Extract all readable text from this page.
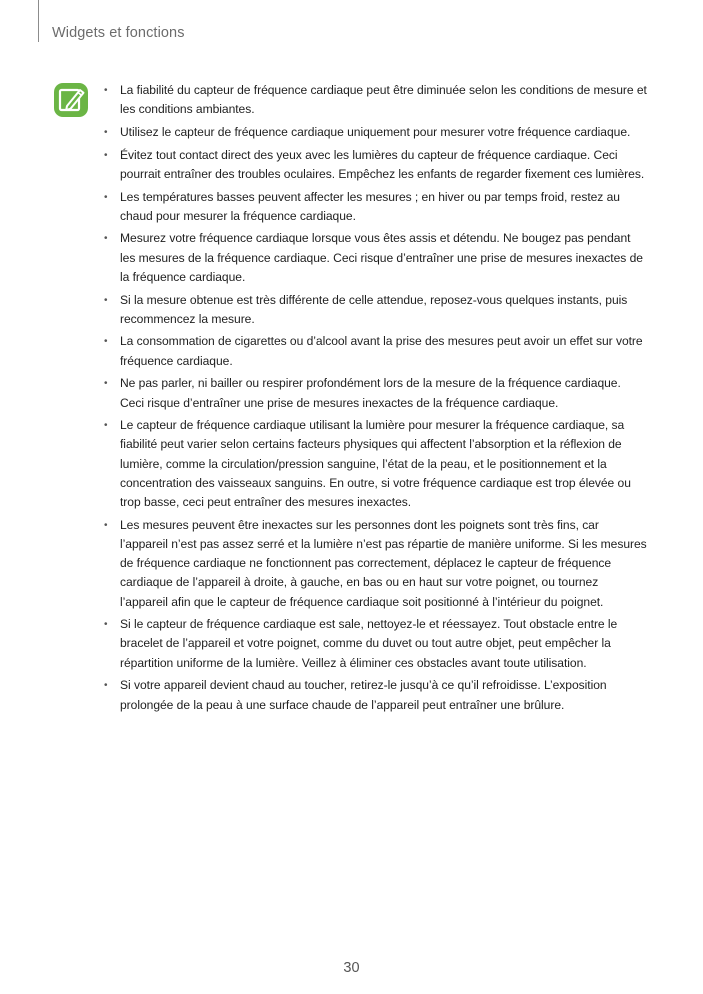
Widgets et fonctions
• La fiabilité du capteur de fréquence cardiaque peut être diminuée selon les conditions de mesure et les conditions ambiantes.
• Utilisez le capteur de fréquence cardiaque uniquement pour mesurer votre fréquence cardiaque.
• Évitez tout contact direct des yeux avec les lumières du capteur de fréquence cardiaque. Ceci pourrait entraîner des troubles oculaires. Empêchez les enfants de regarder fixement ces lumières.
• Les températures basses peuvent affecter les mesures ; en hiver ou par temps froid, restez au chaud pour mesurer la fréquence cardiaque.
• Mesurez votre fréquence cardiaque lorsque vous êtes assis et détendu. Ne bougez pas pendant les mesures de la fréquence cardiaque. Ceci risque d’entraîner une prise de mesures inexactes de la fréquence cardiaque.
• Si la mesure obtenue est très différente de celle attendue, reposez-vous quelques instants, puis recommencez la mesure.
• La consommation de cigarettes ou d’alcool avant la prise des mesures peut avoir un effet sur votre fréquence cardiaque.
• Ne pas parler, ni bailler ou respirer profondément lors de la mesure de la fréquence cardiaque. Ceci risque d’entraîner une prise de mesures inexactes de la fréquence cardiaque.
• Le capteur de fréquence cardiaque utilisant la lumière pour mesurer la fréquence cardiaque, sa fiabilité peut varier selon certains facteurs physiques qui affectent l’absorption et la réflexion de lumière, comme la circulation/pression sanguine, l’état de la peau, et le positionnement et la concentration des vaisseaux sanguins. En outre, si votre fréquence cardiaque est trop élevée ou trop basse, ceci peut entraîner des mesures inexactes.
• Les mesures peuvent être inexactes sur les personnes dont les poignets sont très fins, car l’appareil n’est pas assez serré et la lumière n’est pas répartie de manière uniforme. Si les mesures de fréquence cardiaque ne fonctionnent pas correctement, déplacez le capteur de fréquence cardiaque de l’appareil à droite, à gauche, en bas ou en haut sur votre poignet, ou tournez l’appareil afin que le capteur de fréquence cardiaque soit positionné à l’intérieur du poignet.
• Si le capteur de fréquence cardiaque est sale, nettoyez-le et réessayez. Tout obstacle entre le bracelet de l’appareil et votre poignet, comme du duvet ou tout autre objet, peut empêcher la répartition uniforme de la lumière. Veillez à éliminer ces obstacles avant toute utilisation.
• Si votre appareil devient chaud au toucher, retirez-le jusqu’à ce qu’il refroidisse. L’exposition prolongée de la peau à une surface chaude de l’appareil peut entraîner une brûlure.
30
